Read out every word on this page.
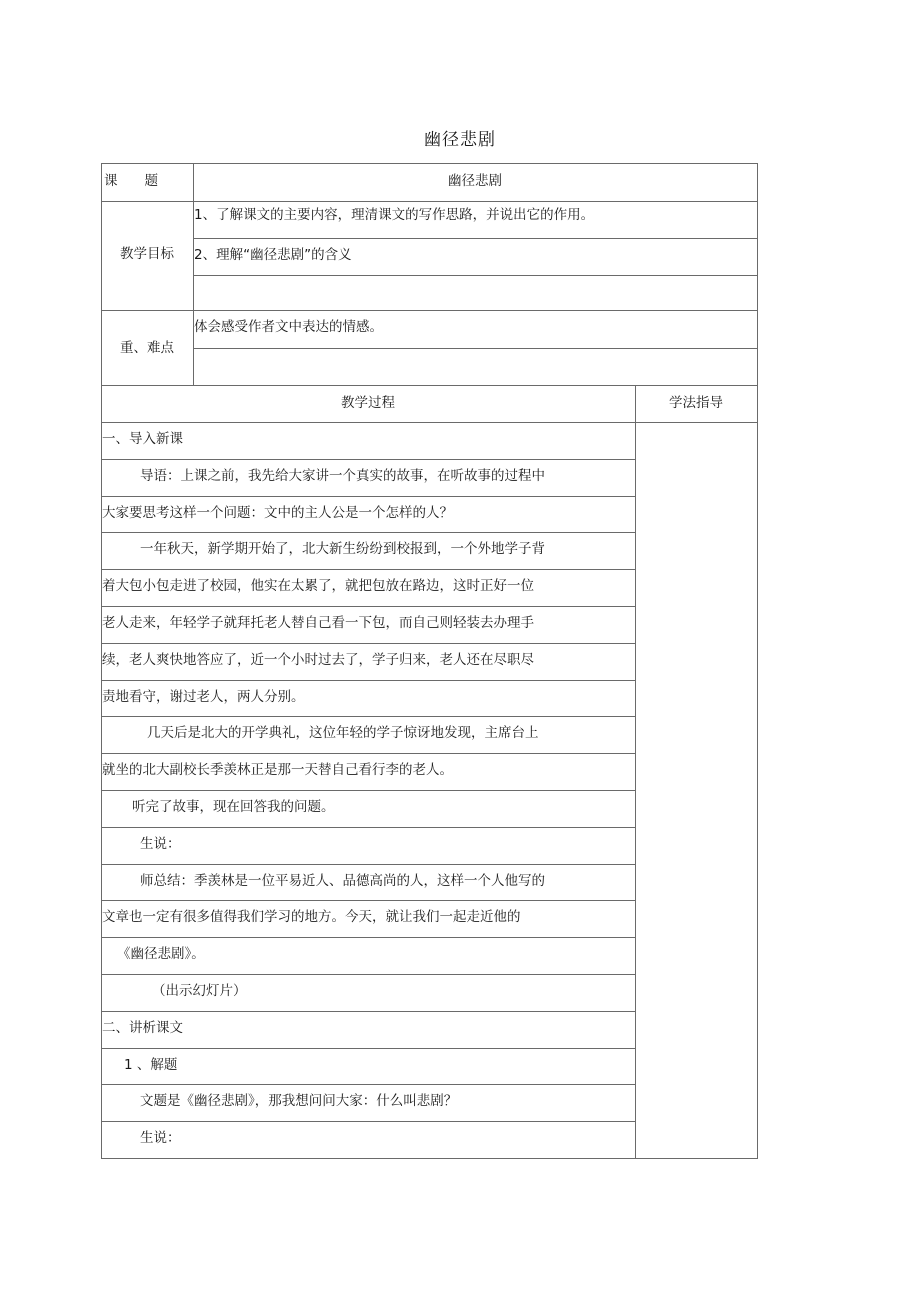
幽径悲剧
课　　题	幽径悲剧
教学目标
1、了解课文的主要内容，理清课文的写作思路，并说出它的作用。
2、理解“幽径悲剧”的含义
重、难点
体会感受作者文中表达的情感。
教学过程	学法指导
一、导入新课
导语：上课之前，我先给大家讲一个真实的故事，在听故事的过程中
大家要思考这样一个问题：文中的主人公是一个怎样的人？
一年秋天，新学期开始了，北大新生纷纷到校报到，一个外地学子背
着大包小包走进了校园，他实在太累了，就把包放在路边，这时正好一位
老人走来，年轻学子就拜托老人替自己看一下包，而自己则轻装去办理手
续，老人爽快地答应了，近一个小时过去了，学子归来，老人还在尽职尽
责地看守，谢过老人，两人分别。
几天后是北大的开学典礼，这位年轻的学子惊讶地发现，主席台上
就坐的北大副校长季羡林正是那一天替自己看行李的老人。
听完了故事，现在回答我的问题。
生说：
师总结：季羡林是一位平易近人、品德高尚的人，这样一个人他写的
文章也一定有很多值得我们学习的地方。今天，就让我们一起走近他的
《幽径悲剧》。
（出示幻灯片）
二、讲析课文
1 、解题
文题是《幽径悲剧》，那我想问问大家：什么叫悲剧？
生说：
